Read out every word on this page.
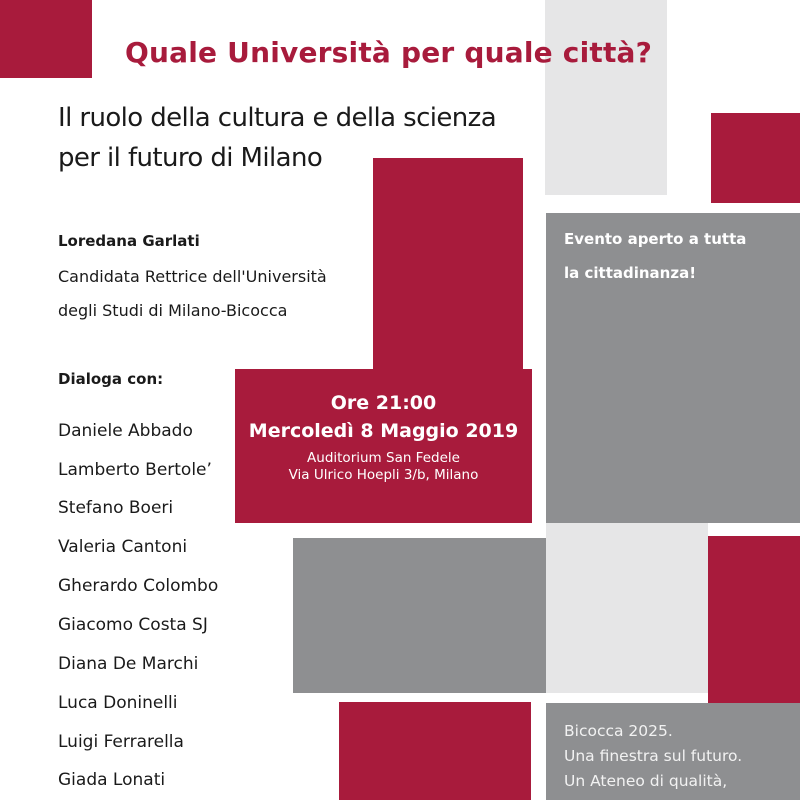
Quale Università per quale città?
Il ruolo della cultura e della scienza
per il futuro di Milano
Loredana Garlati
Candidata Rettrice dell'Università
degli Studi di Milano-Bicocca
Dialoga con:
Daniele Abbado
Lamberto Bertole’
Stefano Boeri
Valeria Cantoni
Gherardo Colombo
Giacomo Costa SJ
Diana De Marchi
Luca Doninelli
Luigi Ferrarella
Giada Lonati
Ore 21:00
Mercoledì 8 Maggio 2019
Auditorium San Fedele
Via Ulrico Hoepli 3/b, Milano
Evento aperto a tutta
la cittadinanza!
Bicocca 2025.
Una finestra sul futuro.
Un Ateneo di qualità,
